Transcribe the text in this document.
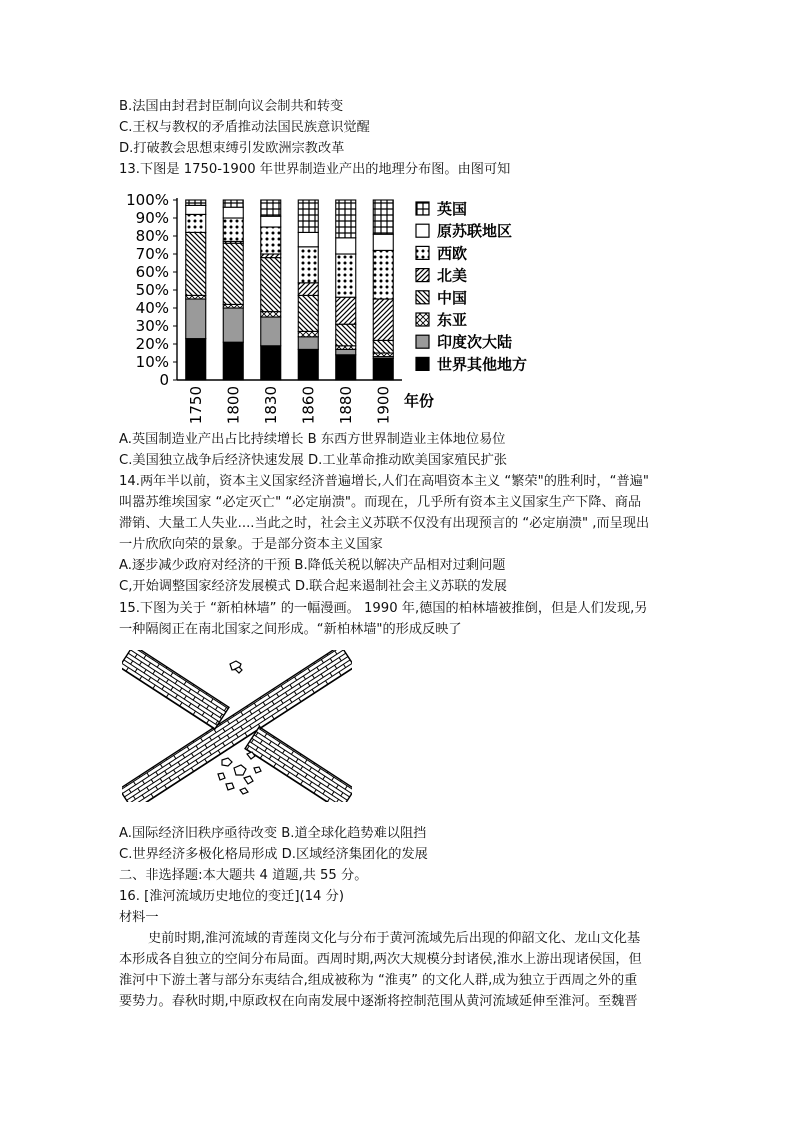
B.法国由封君封臣制向议会制共和转变
C.王权与教权的矛盾推动法国民族意识觉醒
D.打破教会思想束缚引发欧洲宗教改革
13.下图是 1750-1900 年世界制造业产出的地理分布图。由图可知
0
10%
20%
30%
40%
50%
60%
70%
80%
90%
100%
1750 1800 1830 1860 1880 1900 年份
英国
原苏联地区
西欧
北美
中国
东亚
印度次大陆
世界其他地方
A.英国制造业产出占比持续增长 B 东西方世界制造业主体地位易位
C.美国独立战争后经济快速发展 D.工业革命推动欧美国家殖民扩张
14.两年半以前，资本主义国家经济普遍增长,人们在高唱资本主义 “繁荣"的胜利时，“普遍"
叫嚣苏维埃国家 “必定灭亡" “必定崩溃"。而现在，几乎所有资本主义国家生产下降、商品
滞销、大量工人失业....当此之时，社会主义苏联不仅没有出现预言的 “必定崩溃" ,而呈现出
一片欣欣向荣的景象。于是部分资本主义国家
A.逐步减少政府对经济的干预 B.降低关税以解决产品相对过剩问题
C,开始调整国家经济发展模式 D.联合起来遏制社会主义苏联的发展
15.下图为关于 “新柏林墙” 的一幅漫画。 1990 年,德国的柏林墙被推倒，但是人们发现,另
一种隔阂正在南北国家之间形成。“新柏林墙"的形成反映了
A.国际经济旧秩序亟待改变 B.道全球化趋势难以阻挡
C.世界经济多极化格局形成 D.区域经济集团化的发展
二、非选择题:本大题共 4 道题,共 55 分。
16. [淮河流域历史地位的变迁](14 分)
材料一
史前时期,淮河流域的青莲岗文化与分布于黄河流域先后出现的仰韶文化、龙山文化基
本形成各自独立的空间分布局面。西周时期,两次大规模分封诸侯,淮水上游出现诸侯国，但
淮河中下游土著与部分东夷结合,组成被称为 “淮夷” 的文化人群,成为独立于西周之外的重
要势力。春秋时期,中原政权在向南发展中逐渐将控制范围从黄河流域延伸至淮河。至魏晋
